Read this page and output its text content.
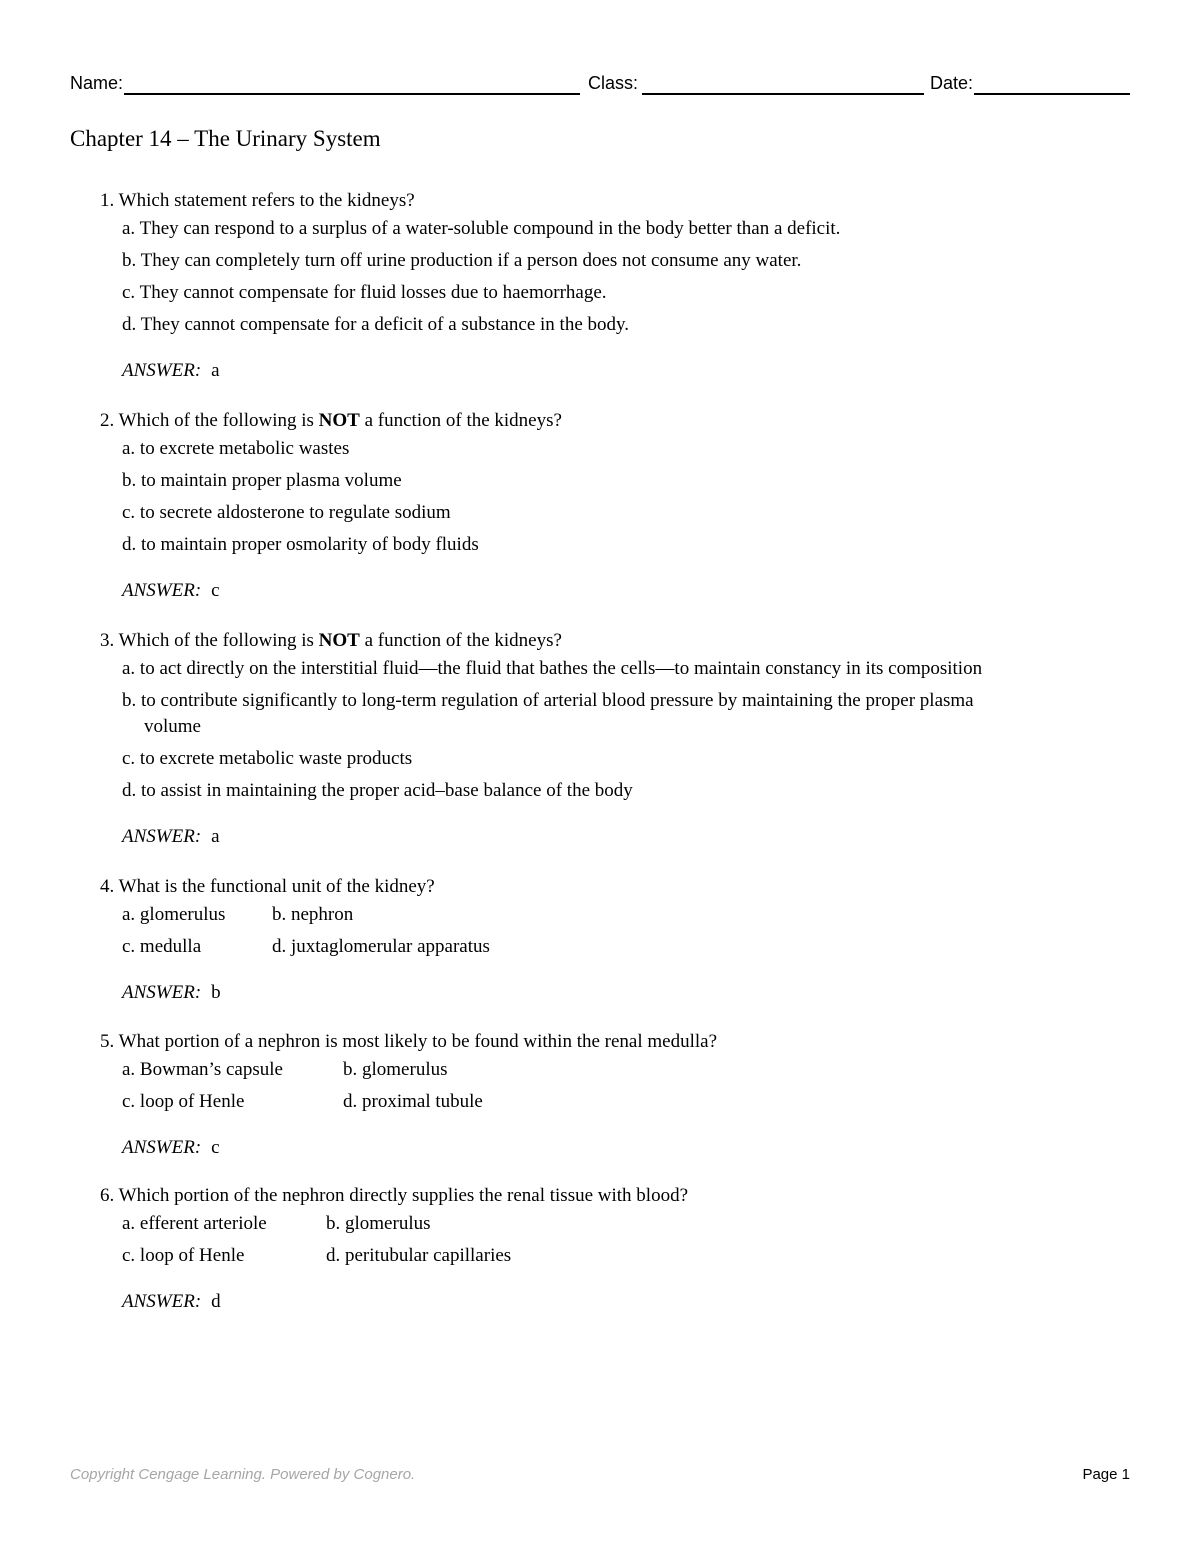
Name:	Class:	Date:
Chapter 14 – The Urinary System
1. Which statement refers to the kidneys?
a. They can respond to a surplus of a water-soluble compound in the body better than a deficit.
b. They can completely turn off urine production if a person does not consume any water.
c. They cannot compensate for fluid losses due to haemorrhage.
d. They cannot compensate for a deficit of a substance in the body.
ANSWER: a
2. Which of the following is NOT a function of the kidneys?
a. to excrete metabolic wastes
b. to maintain proper plasma volume
c. to secrete aldosterone to regulate sodium
d. to maintain proper osmolarity of body fluids
ANSWER: c
3. Which of the following is NOT a function of the kidneys?
a. to act directly on the interstitial fluid—the fluid that bathes the cells—to maintain constancy in its composition
b. to contribute significantly to long-term regulation of arterial blood pressure by maintaining the proper plasma
volume
c. to excrete metabolic waste products
d. to assist in maintaining the proper acid–base balance of the body
ANSWER: a
4. What is the functional unit of the kidney?
a. glomerulus b. nephron
c. medulla	d. juxtaglomerular apparatus
ANSWER: b
5. What portion of a nephron is most likely to be found within the renal medulla?
a. Bowman’s capsule	b. glomerulus
c. loop of Henle	d. proximal tubule
ANSWER: c
6. Which portion of the nephron directly supplies the renal tissue with blood?
a. efferent arteriole	b. glomerulus
c. loop of Henle	d. peritubular capillaries
ANSWER: d
Copyright Cengage Learning. Powered by Cognero.	Page 1
